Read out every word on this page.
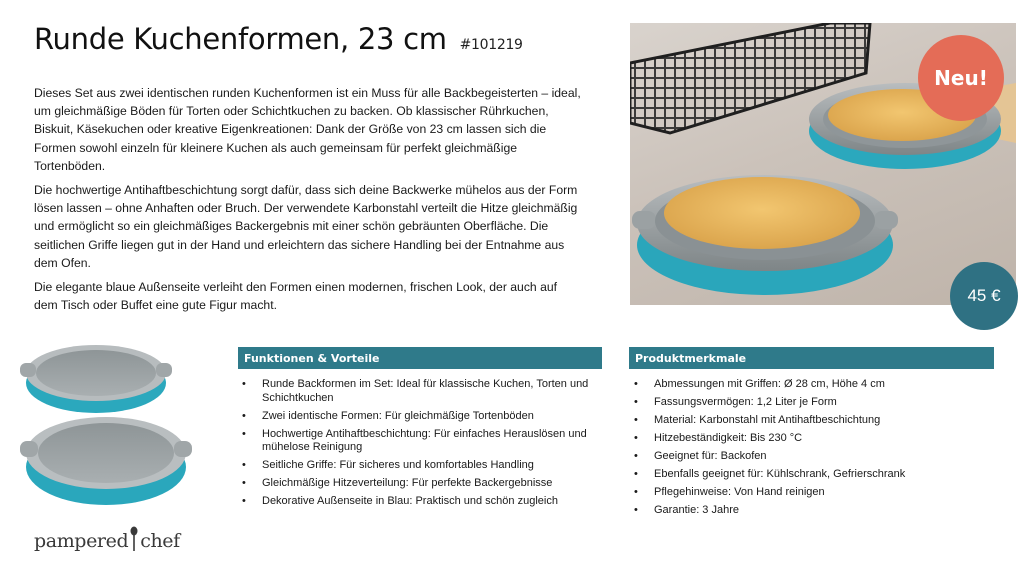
Runde Kuchenformen, 23 cm #101219

Dieses Set aus zwei identischen runden Kuchenformen ist ein Muss für alle Backbegeisterten – ideal, um gleichmäßige Böden für Torten oder Schichtkuchen zu backen. Ob klassischer Rührkuchen, Biskuit, Käsekuchen oder kreative Eigenkreationen: Dank der Größe von 23 cm lassen sich die Formen sowohl einzeln für kleinere Kuchen als auch gemeinsam für perfekt gleichmäßige Tortenböden.

Die hochwertige Antihaftbeschichtung sorgt dafür, dass sich deine Backwerke mühelos aus der Form lösen lassen – ohne Anhaften oder Bruch. Der verwendete Karbonstahl verteilt die Hitze gleichmäßig und ermöglicht so ein gleichmäßiges Backergebnis mit einer schön gebräunten Oberfläche. Die seitlichen Griffe liegen gut in der Hand und erleichtern das sichere Handling bei der Entnahme aus dem Ofen.

Die elegante blaue Außenseite verleiht den Formen einen modernen, frischen Look, der auch auf dem Tisch oder Buffet eine gute Figur macht.

Neu!
45 €
Funktionen & Vorteile
• Runde Backformen im Set: Ideal für klassische Kuchen, Torten und Schichtkuchen
• Zwei identische Formen: Für gleichmäßige Tortenböden
• Hochwertige Antihaftbeschichtung: Für einfaches Herauslösen und mühelose Reinigung
• Seitliche Griffe: Für sicheres und komfortables Handling
• Gleichmäßige Hitzeverteilung: Für perfekte Backergebnisse
• Dekorative Außenseite in Blau: Praktisch und schön zugleich
Produktmerkmale
• Abmessungen mit Griffen: Ø 28 cm, Höhe 4 cm
• Fassungsvermögen: 1,2 Liter je Form
• Material: Karbonstahl mit Antihaftbeschichtung
• Hitzebeständigkeit: Bis 230 °C
• Geeignet für: Backofen
• Ebenfalls geeignet für: Kühlschrank, Gefrierschrank
• Pflegehinweise: Von Hand reinigen
• Garantie: 3 Jahre
pampered chef
